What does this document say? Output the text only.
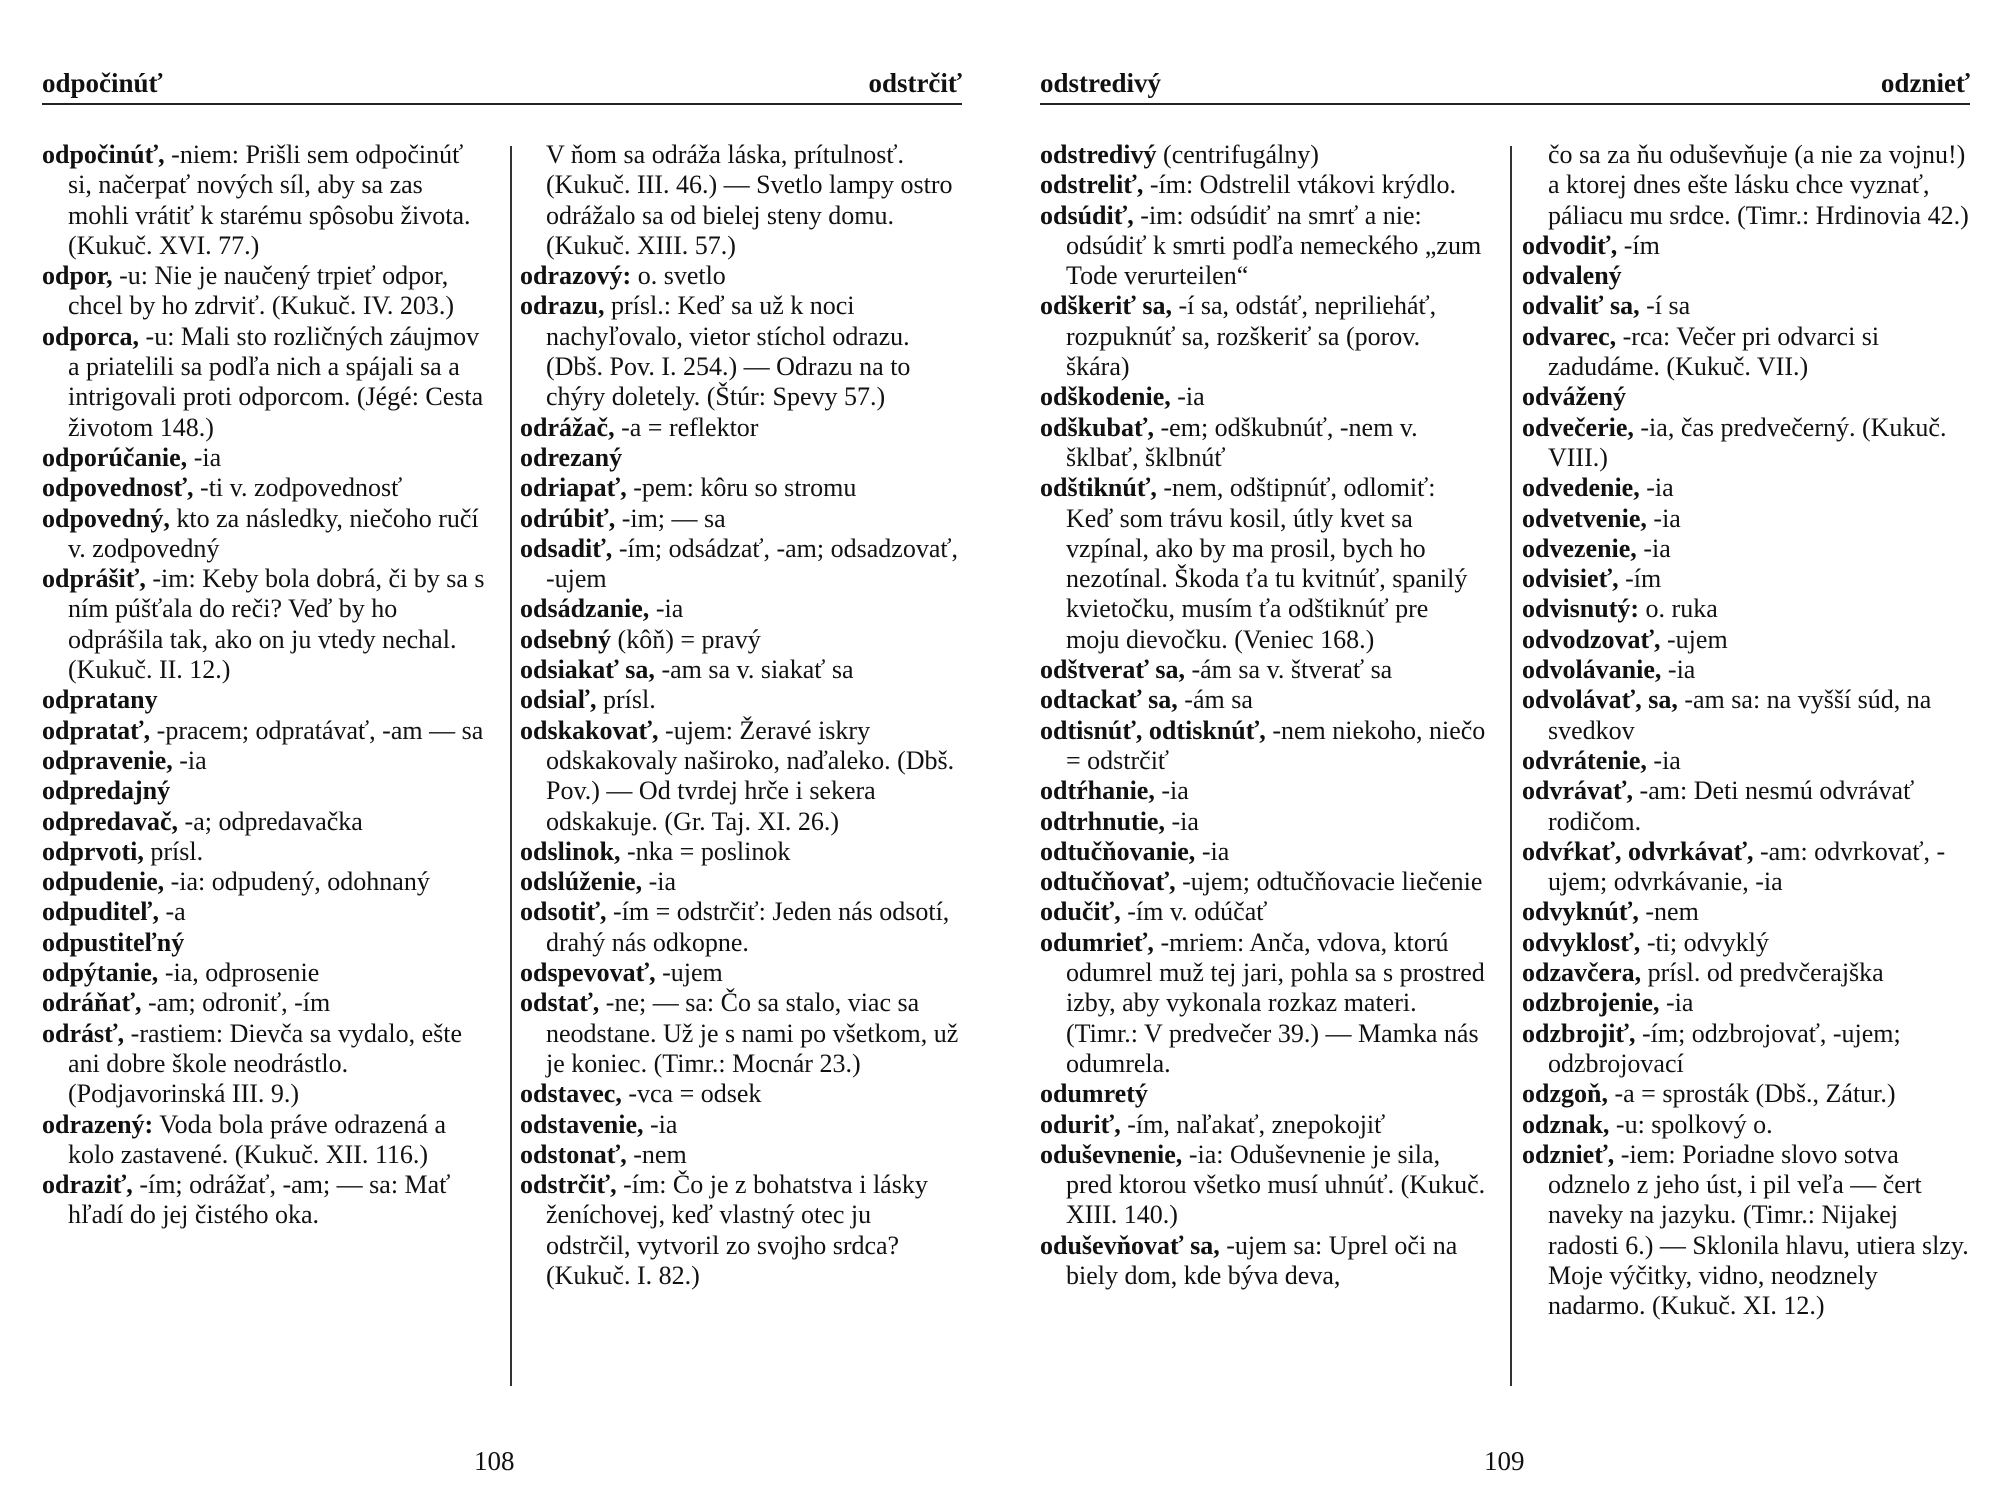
odpočinúť	odstrčiť

odpočinúť, -niem: Prišli sem odpočinúť si, načerpať nových síl, aby sa zas mohli vrátiť k starému spôsobu života. (Kukuč. XVI. 77.)

odpor, -u: Nie je naučený trpieť odpor, chcel by ho zdrviť. (Kukuč. IV. 203.)

odporca, -u: Mali sto rozličných záujmov a priatelili sa podľa nich a spájali sa a intrigovali proti odporcom. (Jégé: Cesta životom 148.)

odporúčanie, -ia

odpovednosť, -ti v. zodpovednosť

odpovedný, kto za následky, niečoho ručí v. zodpovedný

odprášiť, -im: Keby bola dobrá, či by sa s ním púšťala do reči? Veď by ho odprášila tak, ako on ju vtedy nechal. (Kukuč. II. 12.)

odpratany

odpratať, -pracem; odpratávať, -am — sa

odpravenie, -ia

odpredajný

odpredavač, -a; odpredavačka

odprvoti, prísl.

odpudenie, -ia: odpudený, odohnaný

odpuditeľ, -a

odpustiteľný

odpýtanie, -ia, odprosenie

odráňať, -am; odroniť, -ím

odrásť, -rastiem: Dievča sa vydalo, ešte ani dobre škole neodrástlo. (Podjavorinská III. 9.)

odrazený: Voda bola práve odrazená a kolo zastavené. (Kukuč. XII. 116.)

odraziť, -ím; odrážať, -am; — sa: Mať hľadí do jej čistého oka.

V ňom sa odráža láska, prítulnosť. (Kukuč. III. 46.) — Svetlo lampy ostro odrážalo sa od bielej steny domu. (Kukuč. XIII. 57.)

odrazový: o. svetlo

odrazu, prísl.: Keď sa už k noci nachyľovalo, vietor stíchol odrazu. (Dbš. Pov. I. 254.) — Odrazu na to chýry doletely. (Štúr: Spevy 57.)

odrážač, -a = reflektor

odrezaný

odriapať, -pem: kôru so stromu

odrúbiť, -im; — sa

odsadiť, -ím; odsádzať, -am; odsadzovať, -ujem

odsádzanie, -ia

odsebný (kôň) = pravý

odsiakať sa, -am sa v. siakať sa

odsiaľ, prísl.

odskakovať, -ujem: Žeravé iskry odskakovaly naširoko, naďaleko. (Dbš. Pov.) — Od tvrdej hrče i sekera odskakuje. (Gr. Taj. XI. 26.)

odslinok, -nka = poslinok

odslúženie, -ia

odsotiť, -ím = odstrčiť: Jeden nás odsotí, drahý nás odkopne.

odspevovať, -ujem

odstať, -ne; — sa: Čo sa stalo, viac sa neodstane. Už je s nami po všetkom, už je koniec. (Timr.: Mocnár 23.)

odstavec, -vca = odsek

odstavenie, -ia

odstonať, -nem

odstrčiť, -ím: Čo je z bohatstva i lásky ženíchovej, keď vlastný otec ju odstrčil, vytvoril zo svojho srdca? (Kukuč. I. 82.)

108
odstredivý	odznieť

odstredivý (centrifugálny)

odstreliť, -ím: Odstrelil vtákovi krýdlo.

odsúdiť, -im: odsúdiť na smrť a nie: odsúdiť k smrti podľa nemeckého „zum Tode verurteilen“

odškeriť sa, -í sa, odstáť, neprilieháť, rozpuknúť sa, rozškeriť sa (porov. škára)

odškodenie, -ia

odškubať, -em; odškubnúť, -nem v. šklbať, šklbnúť

odštiknúť, -nem, odštipnúť, odlomiť: Keď som trávu kosil, útly kvet sa vzpínal, ako by ma prosil, bych ho nezotínal. Škoda ťa tu kvitnúť, spanilý kvietočku, musím ťa odštiknúť pre moju dievočku. (Veniec 168.)

odštverať sa, -ám sa v. štverať sa

odtackať sa, -ám sa

odtisnúť, odtisknúť, -nem niekoho, niečo = odstrčiť

odtŕhanie, -ia

odtrhnutie, -ia

odtučňovanie, -ia

odtučňovať, -ujem; odtučňovacie liečenie

odučiť, -ím v. odúčať

odumrieť, -mriem: Anča, vdova, ktorú odumrel muž tej jari, pohla sa s prostred izby, aby vykonala rozkaz materi. (Timr.: V predvečer 39.) — Mamka nás odumrela.

odumretý

oduriť, -ím, naľakať, znepokojiť

oduševnenie, -ia: Oduševnenie je sila, pred ktorou všetko musí uhnúť. (Kukuč. XIII. 140.)

oduševňovať sa, -ujem sa: Uprel oči na biely dom, kde býva deva,

čo sa za ňu oduševňuje (a nie za vojnu!) a ktorej dnes ešte lásku chce vyznať, páliacu mu srdce. (Timr.: Hrdinovia 42.)

odvodiť, -ím

odvalený

odvaliť sa, -í sa

odvarec, -rca: Večer pri odvarci si zadudáme. (Kukuč. VII.)

odvážený

odvečerie, -ia, čas predvečerný. (Kukuč. VIII.)

odvedenie, -ia

odvetvenie, -ia

odvezenie, -ia

odvisieť, -ím

odvisnutý: o. ruka

odvodzovať, -ujem

odvolávanie, -ia

odvolávať, sa, -am sa: na vyšší súd, na svedkov

odvrátenie, -ia

odvrávať, -am: Deti nesmú odvrávať rodičom.

odvŕkať, odvrkávať, -am: odvrkovať, -ujem; odvrkávanie, -ia

odvyknúť, -nem

odvyklosť, -ti; odvyklý

odzavčera, prísl. od predvčerajška

odzbrojenie, -ia

odzbrojiť, -ím; odzbrojovať, -ujem; odzbrojovací

odzgoň, -a = sprosták (Dbš., Zátur.)

odznak, -u: spolkový o.

odznieť, -iem: Poriadne slovo sotva odznelo z jeho úst, i pil veľa — čert naveky na jazyku. (Timr.: Nijakej radosti 6.) — Sklonila hlavu, utiera slzy. Moje výčitky, vidno, neodznely nadarmo. (Kukuč. XI. 12.)

109
